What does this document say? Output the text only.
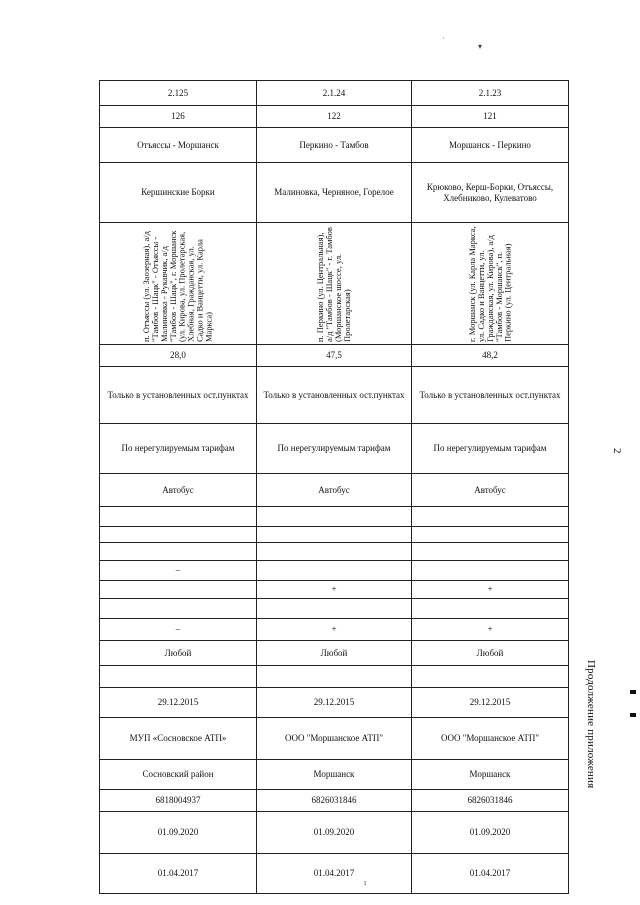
▾
·
ı
2.125	2.1.24	2.1.23
126	122	121
Отъяссы - Моршанск	Перкино - Тамбов	Моршанск - Перкино
Кершинские Борки	Малиновка, Черняное, Горелое	Крюково, Керш-Борки, Отъяссы, Хлебниково, Кулеватово

п. Отъяссы (ул. Заозерная), а/д "Тамбов - Шацк" - Отъяссы - Малиновка - Рукавчик, а/д "Тамбов - Шацк", г. Моршанск (ул. Кирова, ул. Пролетарская, Хлебная, Гражданская, ул. Садко и Ванцетти, ул. Карла Маркса)	п. Перкино (ул. Центральная), а/д "Тамбов - Шацк" - г. Тамбов (Моршанское шоссе, ул. Пролетарская)	г. Моршанск (ул. Карла Маркса, ул. Садко и Ванцетти, ул. Гражданская, ул. Кирова), а/д "Тамбов - Моршанск", п. Перкино (ул. Центральная)

28,0	47,5	48,2
Только в установленных ост.пунктах	Только в установленных ост.пунктах	Только в установленных ост.пунктах
По нерегулируемым тарифам	По нерегулируемым тарифам	По нерегулируемым тарифам
Автобус	Автобус	Автобус

–		
	+	+

–	+	+
Любой	Любой	Любой

29.12.2015	29.12.2015	29.12.2015
МУП «Сосновское АТП»	ООО "Моршанское АТП"	ООО "Моршанское АТП"
Сосновский район	Моршанск	Моршанск
6818004937	6826031846	6826031846
01.09.2020	01.09.2020	01.09.2020
01.04.2017	01.04.2017	01.04.2017
2
Продолжение приложения
